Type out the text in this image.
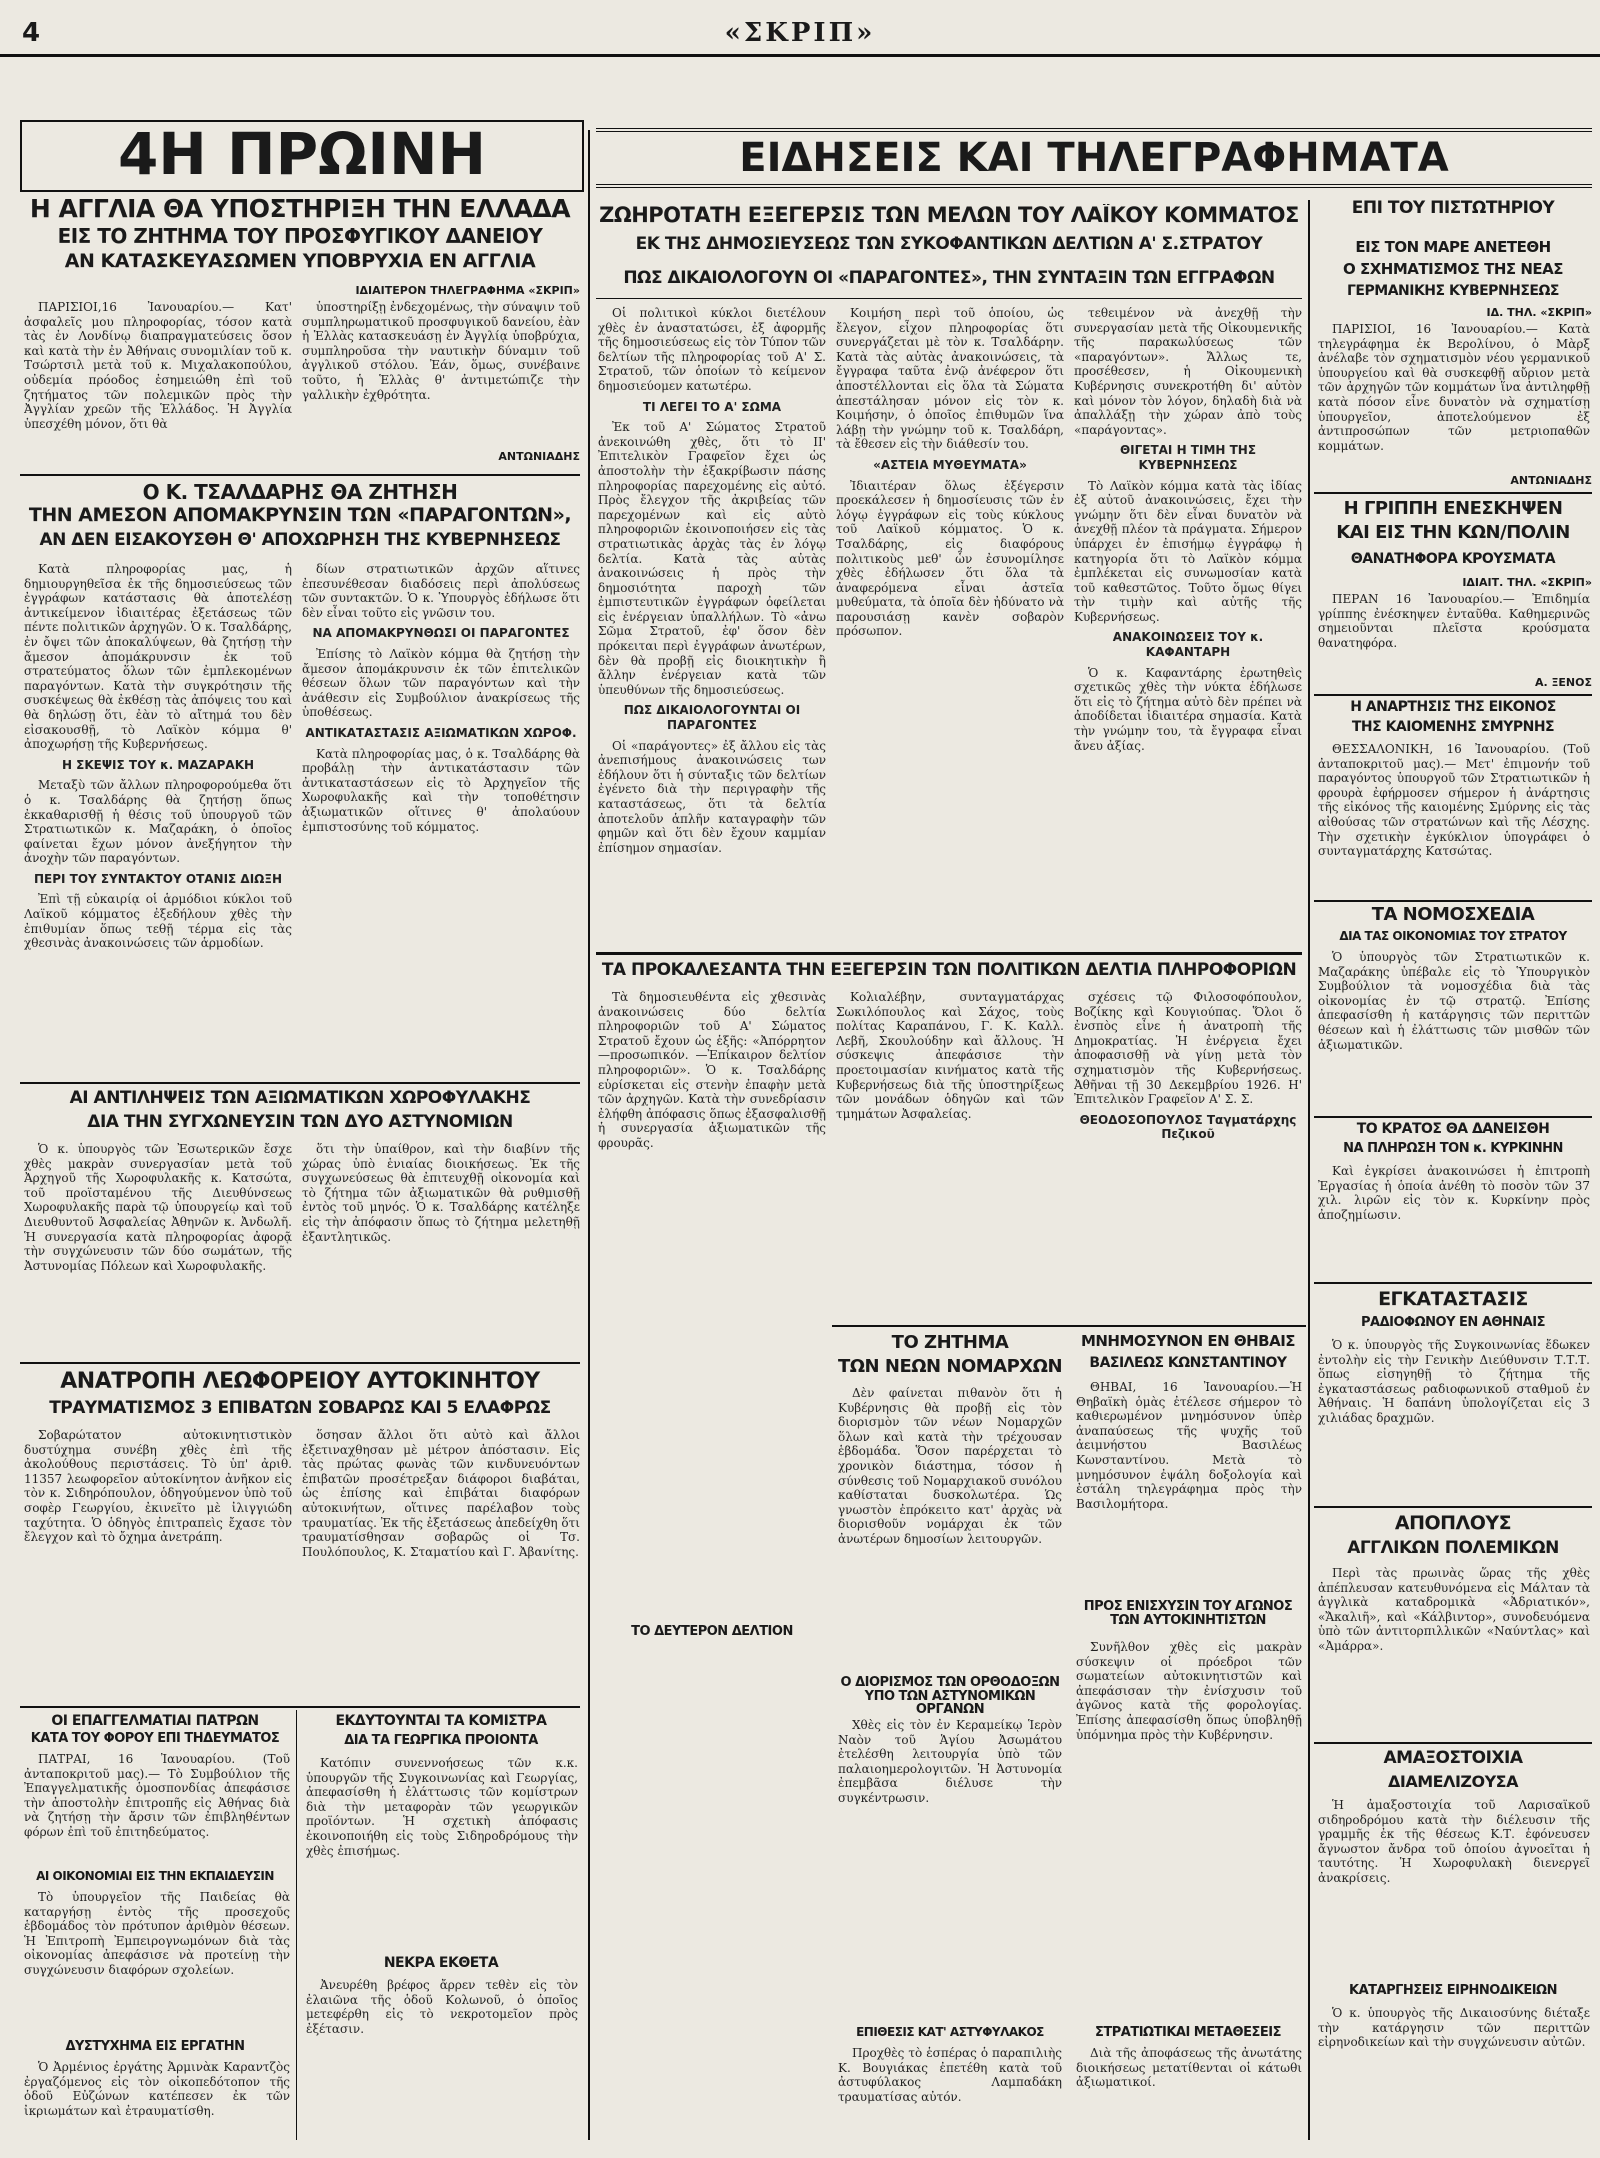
4	«ΣΚΡΙΠ»
4Η ΠΡΩΙΝΗ
Η ΑΓΓΛΙΑ ΘΑ ΥΠΟΣΤΗΡΙΞΗ ΤΗΝ ΕΛΛΑΔΑ
ΕΙΣ ΤΟ ΖΗΤΗΜΑ ΤΟΥ ΠΡΟΣΦΥΓΙΚΟΥ ΔΑΝΕΙΟΥ
ΑΝ ΚΑΤΑΣΚΕΥΑΣΩΜΕΝ ΥΠΟΒΡΥΧΙΑ ΕΝ ΑΓΓΛΙΑ
ΙΔΙΑΙΤΕΡΟΝ ΤΗΛΕΓΡΑΦΗΜΑ «ΣΚΡΙΠ»

ΠΑΡΙΣΙΟΙ,16 Ἰανουαρίου.— Κατ' ἀσφαλεῖς μου πληροφορίας, τόσον κατὰ τὰς ἐν Λονδίνῳ διαπραγματεύσεις ὅσον καὶ κατὰ τὴν ἐν Ἀθήναις συνομιλίαν τοῦ κ. Τσώρτσιλ μετὰ τοῦ κ. Μιχαλακοπούλου, οὐδεμία πρόοδος ἐσημειώθη ἐπὶ τοῦ ζητήματος τῶν πολεμικῶν πρὸς τὴν Ἀγγλίαν χρεῶν τῆς Ἑλλάδος. Ἡ Ἀγγλία ὑπεσχέθη μόνον, ὅτι θὰ

ὑποστηρίξῃ ἐνδεχομένως, τὴν σύναψιν τοῦ συμπληρωματικοῦ προσφυγικοῦ δανείου, ἐὰν ἡ Ἑλλὰς κατασκευάσῃ ἐν Ἀγγλίᾳ ὑποβρύχια, συμπληροῦσα τὴν ναυτικὴν δύναμιν τοῦ ἀγγλικοῦ στόλου. Ἐάν, ὅμως, συνέβαινε τοῦτο, ἡ Ἑλλὰς θ' ἀντιμετώπιζε τὴν γαλλικὴν ἐχθρότητα.

ΑΝΤΩΝΙΑΔΗΣ
Ο Κ. ΤΣΑΛΔΑΡΗΣ ΘΑ ΖΗΤΗΣΗ
ΤΗΝ ΑΜΕΣΟΝ ΑΠΟΜΑΚΡΥΝΣΙΝ ΤΩΝ «ΠΑΡΑΓΟΝΤΩΝ»,
ΑΝ ΔΕΝ ΕΙΣΑΚΟΥΣΘΗ Θ' ΑΠΟΧΩΡΗΣΗ ΤΗΣ ΚΥΒΕΡΝΗΣΕΩΣ

Κατὰ πληροφορίας μας, ἡ δημιουργηθεῖσα ἐκ τῆς δημοσιεύσεως τῶν ἐγγράφων κατάστασις θὰ ἀποτελέσῃ ἀντικείμενον ἰδιαιτέρας ἐξετάσεως τῶν πέντε πολιτικῶν ἀρχηγῶν. Ὁ κ. Τσαλδάρης, ἐν ὄψει τῶν ἀποκαλύψεων, θὰ ζητήσῃ τὴν ἄμεσον ἀπομάκρυνσιν ἐκ τοῦ στρατεύματος ὅλων τῶν ἐμπλεκομένων παραγόντων. Κατὰ τὴν συγκρότησιν τῆς συσκέψεως θὰ ἐκθέσῃ τὰς ἀπόψεις του καὶ θὰ δηλώσῃ ὅτι, ἐὰν τὸ αἴτημά του δὲν εἰσακουσθῇ, τὸ Λαϊκὸν κόμμα θ' ἀποχωρήσῃ τῆς Κυβερνήσεως.

Η ΣΚΕΨΙΣ ΤΟΥ κ. ΜΑΖΑΡΑΚΗ

Μεταξὺ τῶν ἄλλων πληροφορούμεθα ὅτι ὁ κ. Τσαλδάρης θὰ ζητήσῃ ὅπως ἐκκαθαρισθῇ ἡ θέσις τοῦ ὑπουργοῦ τῶν Στρατιωτικῶν κ. Μαζαράκη, ὁ ὁποῖος φαίνεται ἔχων μόνον ἀνεξήγητον τὴν ἀνοχὴν τῶν παραγόντων.

ΠΕΡΙ ΤΟΥ ΣΥΝΤΑΚΤΟΥ ΟΤΑΝΙΣ ΔΙΩΞΗ

Ἐπὶ τῇ εὐκαιρίᾳ οἱ ἁρμόδιοι κύκλοι τοῦ Λαϊκοῦ κόμματος ἐξεδήλουν χθὲς τὴν ἐπιθυμίαν ὅπως τεθῇ τέρμα εἰς τὰς χθεσινὰς ἀνακοινώσεις τῶν ἁρμοδίων.

δίων στρατιωτικῶν ἀρχῶν αἵτινες ἐπεσυνέθεσαν διαδόσεις περὶ ἀπολύσεως τῶν συντακτῶν. Ὁ κ. Ὑπουργὸς ἐδήλωσε ὅτι δὲν εἶναι τοῦτο εἰς γνῶσιν του.

ΝΑ ΑΠΟΜΑΚΡΥΝΘΩΣΙ ΟΙ ΠΑΡΑΓΟΝΤΕΣ

Ἐπίσης τὸ Λαϊκὸν κόμμα θὰ ζητήσῃ τὴν ἄμεσον ἀπομάκρυνσιν ἐκ τῶν ἐπιτελικῶν θέσεων ὅλων τῶν παραγόντων καὶ τὴν ἀνάθεσιν εἰς Συμβούλιον ἀνακρίσεως τῆς ὑποθέσεως.

ΑΝΤΙΚΑΤΑΣΤΑΣΙΣ ΑΞΙΩΜΑΤΙΚΩΝ ΧΩΡΟΦ.

Κατὰ πληροφορίας μας, ὁ κ. Τσαλδάρης θὰ προβάλῃ τὴν ἀντικατάστασιν τῶν ἀντικαταστάσεων εἰς τὸ Ἀρχηγεῖον τῆς Χωροφυλακῆς καὶ τὴν τοποθέτησιν ἀξιωματικῶν οἵτινες θ' ἀπολαύουν ἐμπιστοσύνης τοῦ κόμματος.

ΑΙ ΑΝΤΙΛΗΨΕΙΣ ΤΩΝ ΑΞΙΩΜΑΤΙΚΩΝ ΧΩΡΟΦΥΛΑΚΗΣ
ΔΙΑ ΤΗΝ ΣΥΓΧΩΝΕΥΣΙΝ ΤΩΝ ΔΥΟ ΑΣΤΥΝΟΜΙΩΝ

Ὁ κ. ὑπουργὸς τῶν Ἐσωτερικῶν ἔσχε χθὲς μακρὰν συνεργασίαν μετὰ τοῦ Ἀρχηγοῦ τῆς Χωροφυλακῆς κ. Κατσώτα, τοῦ προϊσταμένου τῆς Διευθύνσεως Χωροφυλακῆς παρὰ τῷ ὑπουργείῳ καὶ τοῦ Διευθυντοῦ Ἀσφαλείας Ἀθηνῶν κ. Ἀνδωλῆ. Ἡ συνεργασία κατὰ πληροφορίας ἀφορᾷ τὴν συγχώνευσιν τῶν δύο σωμάτων, τῆς Ἀστυνομίας Πόλεων καὶ Χωροφυλακῆς.

ὅτι τὴν ὑπαίθρον, καὶ τὴν διαβίνν τῆς χώρας ὑπὸ ἑνιαίας διοικήσεως. Ἐκ τῆς συγχωνεύσεως θὰ ἐπιτευχθῇ οἰκονομία καὶ τὸ ζήτημα τῶν ἀξιωματικῶν θὰ ρυθμισθῇ ἐντὸς τοῦ μηνός. Ὁ κ. Τσαλδάρης κατέληξε εἰς τὴν ἀπόφασιν ὅπως τὸ ζήτημα μελετηθῇ ἐξαντλητικῶς.

ΑΝΑΤΡΟΠΗ ΛΕΩΦΟΡΕΙΟΥ ΑΥΤΟΚΙΝΗΤΟΥ
ΤΡΑΥΜΑΤΙΣΜΟΣ 3 ΕΠΙΒΑΤΩΝ ΣΟΒΑΡΩΣ ΚΑΙ 5 ΕΛΑΦΡΩΣ

Σοβαρώτατον αὐτοκινητιστικὸν δυστύχημα συνέβη χθὲς ἐπὶ τῆς ἀκολούθους περιστάσεις. Τὸ ὑπ' ἀριθ. 11357 λεωφορεῖον αὐτοκίνητον ἀνῆκον εἰς τὸν κ. Σιδηρόπουλον, ὁδηγούμενον ὑπὸ τοῦ σοφὲρ Γεωργίου, ἐκινεῖτο μὲ ἰλιγγιώδη ταχύτητα. Ὁ ὁδηγὸς ἐπιτραπεὶς ἔχασε τὸν ἔλεγχον καὶ τὸ ὄχημα ἀνετράπη.

ὅσησαν ἄλλοι ὅτι αὐτὸ καὶ ἄλλοι ἐξετιναχθησαν μὲ μέτρον ἀπόστασιν. Εἰς τὰς πρώτας φωνὰς τῶν κινδυνευόντων ἐπιβατῶν προσέτρεξαν διάφοροι διαβάται, ὡς ἐπίσης καὶ ἐπιβάται διαφόρων αὐτοκινήτων, οἵτινες παρέλαβον τοὺς τραυματίας. Ἐκ τῆς ἐξετάσεως ἀπεδείχθη ὅτι τραυματίσθησαν σοβαρῶς οἱ Τσ. Πουλόπουλος, Κ. Σταματίου καὶ Γ. Ἀβανίτης.

ΟΙ ΕΠΑΓΓΕΛΜΑΤΙΑΙ ΠΑΤΡΩΝ
ΚΑΤΑ ΤΟΥ ΦΟΡΟΥ ΕΠΙ ΤΗΔΕΥΜΑΤΟΣ

ΠΑΤΡΑΙ, 16 Ἰανουαρίου. (Τοῦ ἀνταποκριτοῦ μας).— Τὸ Συμβούλιον τῆς Ἐπαγγελματικῆς ὁμοσπονδίας ἀπεφάσισε τὴν ἀποστολὴν ἐπιτροπῆς εἰς Ἀθήνας διὰ νὰ ζητήσῃ τὴν ἄρσιν τῶν ἐπιβληθέντων φόρων ἐπὶ τοῦ ἐπιτηδεύματος.

ΑΙ ΟΙΚΟΝΟΜΙΑΙ ΕΙΣ ΤΗΝ ΕΚΠΑΙΔΕΥΣΙΝ

Τὸ ὑπουργεῖον τῆς Παιδείας θὰ καταργήσῃ ἐντὸς τῆς προσεχοῦς ἑβδομάδος τὸν πρότυπον ἀριθμὸν θέσεων. Ἡ Ἐπιτροπὴ Ἐμπειρογνωμόνων διὰ τὰς οἰκονομίας ἀπεφάσισε νὰ προτείνῃ τὴν συγχώνευσιν διαφόρων σχολείων.

ΔΥΣΤΥΧΗΜΑ ΕΙΣ ΕΡΓΑΤΗΝ

Ὁ Ἀρμένιος ἐργάτης Ἀρμινὰκ Καραντζὸς ἐργαζόμενος εἰς τὸν οἰκοπεδότοπον τῆς ὁδοῦ Εὐζώνων κατέπεσεν ἐκ τῶν ἰκριωμάτων καὶ ἐτραυματίσθη.

ΕΚΔΥΤΟΥΝΤΑΙ ΤΑ ΚΟΜΙΣΤΡΑ
ΔΙΑ ΤΑ ΓΕΩΡΓΙΚΑ ΠΡΟΪΟΝΤΑ

Κατόπιν συνεννοήσεως τῶν κ.κ. ὑπουργῶν τῆς Συγκοινωνίας καὶ Γεωργίας, ἀπεφασίσθη ἡ ἐλάττωσις τῶν κομίστρων διὰ τὴν μεταφορὰν τῶν γεωργικῶν προϊόντων. Ἡ σχετικὴ ἀπόφασις ἐκοινοποιήθη εἰς τοὺς Σιδηροδρόμους τὴν χθὲς ἐπισήμως.

ΝΕΚΡΑ ΕΚΘΕΤΑ

Ἀνευρέθη βρέφος ἄρρεν τεθὲν εἰς τὸν ἐλαιῶνα τῆς ὁδοῦ Κολωνοῦ, ὁ ὁποῖος μετεφέρθη εἰς τὸ νεκροτομεῖον πρὸς ἐξέτασιν.

ΕΙΔΗΣΕΙΣ ΚΑΙ ΤΗΛΕΓΡΑΦΗΜΑΤΑ
ΖΩΗΡΟΤΑΤΗ ΕΞΕΓΕΡΣΙΣ ΤΩΝ ΜΕΛΩΝ ΤΟΥ ΛΑΪΚΟΥ ΚΟΜΜΑΤΟΣ
ΕΚ ΤΗΣ ΔΗΜΟΣΙΕΥΣΕΩΣ ΤΩΝ ΣΥΚΟΦΑΝΤΙΚΩΝ ΔΕΛΤΙΩΝ Α' Σ.ΣΤΡΑΤΟΥ
ΠΩΣ ΔΙΚΑΙΟΛΟΓΟΥΝ ΟΙ «ΠΑΡΑΓΟΝΤΕΣ», ΤΗΝ ΣΥΝΤΑΞΙΝ ΤΩΝ ΕΓΓΡΑΦΩΝ

Οἱ πολιτικοὶ κύκλοι διετέλουν χθὲς ἐν ἀναστατώσει, ἐξ ἀφορμῆς τῆς δημοσιεύσεως εἰς τὸν Τύπον τῶν δελτίων τῆς πληροφορίας τοῦ Α' Σ. Στρατοῦ, τῶν ὁποίων τὸ κείμενον δημοσιεύομεν κατωτέρω.

ΤΙ ΛΕΓΕΙ ΤΟ Α' ΣΩΜΑ

Ἐκ τοῦ Α' Σώματος Στρατοῦ ἀνεκοινώθη χθὲς, ὅτι τὸ ΙΙ' Ἐπιτελικὸν Γραφεῖον ἔχει ὡς ἀποστολὴν τὴν ἐξακρίβωσιν πάσης πληροφορίας παρεχομένης εἰς αὐτό. Πρὸς ἔλεγχον τῆς ἀκριβείας τῶν παρεχομένων καὶ εἰς αὐτὸ πληροφοριῶν ἐκοινοποιήσεν εἰς τὰς στρατιωτικὰς ἀρχὰς τὰς ἐν λόγῳ δελτία. Κατὰ τὰς αὐτὰς ἀνακοινώσεις ἡ πρὸς τὴν δημοσιότητα παροχὴ τῶν ἐμπιστευτικῶν ἐγγράφων ὀφείλεται εἰς ἐνέργειαν ὑπαλλήλων. Τὸ «ἀνω Σῶμα Στρατοῦ, ἐφ' ὅσον δὲν πρόκειται περὶ ἐγγράφων ἀνωτέρων, δὲν θὰ προβῇ εἰς διοικητικὴν ἢ ἄλλην ἐνέργειαν κατὰ τῶν ὑπευθύνων τῆς δημοσιεύσεως.

ΠΩΣ ΔΙΚΑΙΟΛΟΓΟΥΝΤΑΙ ΟΙ ΠΑΡΑΓΟΝΤΕΣ

Οἱ «παράγοντες» ἐξ ἄλλου εἰς τὰς ἀνεπισήμους ἀνακοινώσεις των ἐδήλουν ὅτι ἡ σύνταξις τῶν δελτίων ἐγένετο διὰ τὴν περιγραφὴν τῆς καταστάσεως, ὅτι τὰ δελτία ἀποτελοῦν ἁπλῆν καταγραφὴν τῶν φημῶν καὶ ὅτι δὲν ἔχουν καμμίαν ἐπίσημον σημασίαν.

Κοιμήση περὶ τοῦ ὁποίου, ὡς ἔλεγον, εἶχον πληροφορίας ὅτι συνεργάζεται μὲ τὸν κ. Τσαλδάρην. Κατὰ τὰς αὐτὰς ἀνακοινώσεις, τὰ ἔγγραφα ταῦτα ἐνῷ ἀνέφερον ὅτι ἀποστέλλονται εἰς ὅλα τὰ Σώματα ἀπεστάλησαν μόνον εἰς τὸν κ. Κοιμήσην, ὁ ὁποῖος ἐπιθυμῶν ἵνα λάβῃ τὴν γνώμην τοῦ κ. Τσαλδάρη, τὰ ἔθεσεν εἰς τὴν διάθεσίν του.

«ΑΣΤΕΙΑ ΜΥΘΕΥΜΑΤΑ»

Ἰδιαιτέραν ὅλως ἐξέγερσιν προεκάλεσεν ἡ δημοσίευσις τῶν ἐν λόγῳ ἐγγράφων εἰς τοὺς κύκλους τοῦ Λαϊκοῦ κόμματος. Ὁ κ. Τσαλδάρης, εἰς διαφόρους πολιτικοὺς μεθ' ὧν ἐσυνομίλησε χθὲς ἐδήλωσεν ὅτι ὅλα τὰ ἀναφερόμενα εἶναι ἀστεῖα μυθεύματα, τὰ ὁποῖα δὲν ἠδύνατο νὰ παρουσιάσῃ κανὲν σοβαρὸν πρόσωπον.

τεθειμένον νὰ ἀνεχθῇ τὴν συνεργασίαν μετὰ τῆς Οἰκουμενικῆς τῆς παρακωλύσεως τῶν «παραγόντων». Ἄλλως τε, προσέθεσεν, ἡ Οἰκουμενικὴ Κυβέρνησις συνεκροτήθη δι' αὐτὸν καὶ μόνον τὸν λόγον, δηλαδὴ διὰ νὰ ἀπαλλάξῃ τὴν χώραν ἀπὸ τοὺς «παράγοντας».

ΘΙΓΕΤΑΙ Η ΤΙΜΗ ΤΗΣ ΚΥΒΕΡΝΗΣΕΩΣ

Τὸ Λαϊκὸν κόμμα κατὰ τὰς ἰδίας ἐξ αὐτοῦ ἀνακοινώσεις, ἔχει τὴν γνώμην ὅτι δὲν εἶναι δυνατὸν νὰ ἀνεχθῇ πλέον τὰ πράγματα. Σήμερον ὑπάρχει ἐν ἐπισήμῳ ἐγγράφῳ ἡ κατηγορία ὅτι τὸ Λαϊκὸν κόμμα ἐμπλέκεται εἰς συνωμοσίαν κατὰ τοῦ καθεστῶτος. Τοῦτο ὅμως θίγει τὴν τιμὴν καὶ αὐτῆς τῆς Κυβερνήσεως.

ΑΝΑΚΟΙΝΩΣΕΙΣ ΤΟΥ κ. ΚΑΦΑΝΤΑΡΗ

Ὁ κ. Καφαντάρης ἐρωτηθεὶς σχετικῶς χθὲς τὴν νύκτα ἐδήλωσε ὅτι εἰς τὸ ζήτημα αὐτὸ δὲν πρέπει νὰ ἀποδίδεται ἰδιαιτέρα σημασία. Κατὰ τὴν γνώμην του, τὰ ἔγγραφα εἶναι ἄνευ ἀξίας.

ΤΑ ΠΡΟΚΑΛΕΣΑΝΤΑ ΤΗΝ ΕΞΕΓΕΡΣΙΝ ΤΩΝ ΠΟΛΙΤΙΚΩΝ ΔΕΛΤΙΑ ΠΛΗΡΟΦΟΡΙΩΝ

Τὰ δημοσιευθέντα εἰς χθεσινὰς ἀνακοινώσεις δύο δελτία πληροφοριῶν τοῦ Α' Σώματος Στρατοῦ ἔχουν ὡς ἑξῆς: «Ἀπόρρητον —προσωπικόν. —Ἐπίκαιρον δελτίον πληροφοριῶν». Ὁ κ. Τσαλδάρης εὑρίσκεται εἰς στενὴν ἐπαφὴν μετὰ τῶν ἀρχηγῶν. Κατὰ τὴν συνεδρίασιν ἐλήφθη ἀπόφασις ὅπως ἐξασφαλισθῇ ἡ συνεργασία ἀξιωματικῶν τῆς φρουρᾶς.

Κολιαλέβην, συνταγματάρχας Σωκιλόπουλος καὶ Σάχος, τοὺς πολίτας Καραπάνου, Γ. Κ. Καλλ. Λεβῆ, Σκουλούδην καὶ ἄλλους. Ἡ σύσκεψις ἀπεφάσισε τὴν προετοιμασίαν κινήματος κατὰ τῆς Κυβερνήσεως διὰ τῆς ὑποστηρίξεως τῶν μονάδων ὁδηγῶν καὶ τῶν τμημάτων Ἀσφαλείας.

σχέσεις τῷ Φιλοσοφόπουλον, Βοζίκης καὶ Κουγιούπας. Ὅλοι ὅ ἐνσπὸς εἶνε ἡ ἀνατροπὴ τῆς Δημοκρατίας. Ἡ ἐνέργεια ἔχει ἀποφασισθῇ νὰ γίνῃ μετὰ τὸν σχηματισμὸν τῆς Κυβερνήσεως. Ἀθῆναι τῇ 30 Δεκεμβρίου 1926. Η' Ἐπιτελικὸν Γραφεῖον Α' Σ. Σ.

ΘΕΟΔΟΣΟΠΟΥΛΟΣ Ταγματάρχης Πεζικοῦ
ΤΟ ΔΕΥΤΕΡΟΝ ΔΕΛΤΙΟΝ
ΤΟ ΖΗΤΗΜΑ
ΤΩΝ ΝΕΩΝ ΝΟΜΑΡΧΩΝ

Δὲν φαίνεται πιθανὸν ὅτι ἡ Κυβέρνησις θὰ προβῇ εἰς τὸν διορισμὸν τῶν νέων Νομαρχῶν ὅλων καὶ κατὰ τὴν τρέχουσαν ἑβδομάδα. Ὅσον παρέρχεται τὸ χρονικὸν διάστημα, τόσον ἡ σύνθεσις τοῦ Νομαρχιακοῦ συνόλου καθίσταται δυσκολωτέρα. Ὡς γνωστὸν ἐπρόκειτο κατ' ἀρχὰς νὰ διορισθοῦν νομάρχαι ἐκ τῶν ἀνωτέρων δημοσίων λειτουργῶν.

Ο ΔΙΟΡΙΣΜΟΣ ΤΩΝ ΟΡΘΟΔΟΞΩΝ ΥΠΟ ΤΩΝ ΑΣΤΥΝΟΜΙΚΩΝ ΟΡΓΑΝΩΝ

Χθὲς εἰς τὸν ἐν Κεραμείκῳ Ἱερὸν Ναὸν τοῦ Ἁγίου Ἀσωμάτου ἐτελέσθη λειτουργία ὑπὸ τῶν παλαιοημερολογιτῶν. Ἡ Ἀστυνομία ἐπεμβᾶσα διέλυσε τὴν συγκέντρωσιν.

ΕΠΙΘΕΣΙΣ ΚΑΤ' ΑΣΤΥΦΥΛΑΚΟΣ

Προχθὲς τὸ ἑσπέρας ὁ παραπιλιὴς Κ. Βουγιάκας ἐπετέθη κατὰ τοῦ ἀστυφύλακος Λαμπαδάκη τραυματίσας αὐτόν.

ΜΝΗΜΟΣΥΝΟΝ ΕΝ ΘΗΒΑΙΣ
ΒΑΣΙΛΕΩΣ ΚΩΝΣΤΑΝΤΙΝΟΥ

ΘΗΒΑΙ, 16 Ἰανουαρίου.—Ἡ Θηβαϊκὴ ὁμὰς ἐτέλεσε σήμερον τὸ καθιερωμένον μνημόσυνον ὑπὲρ ἀναπαύσεως τῆς ψυχῆς τοῦ ἀειμνήστου Βασιλέως Κωνσταντίνου. Μετὰ τὸ μνημόσυνον ἐψάλη δοξολογία καὶ ἐστάλη τηλεγράφημα πρὸς τὴν Βασιλομήτορα.

ΠΡΟΣ ΕΝΙΣΧΥΣΙΝ ΤΟΥ ΑΓΩΝΟΣ ΤΩΝ ΑΥΤΟΚΙΝΗΤΙΣΤΩΝ

Συνῆλθον χθὲς εἰς μακρὰν σύσκεψιν οἱ πρόεδροι τῶν σωματείων αὐτοκινητιστῶν καὶ ἀπεφάσισαν τὴν ἐνίσχυσιν τοῦ ἀγῶνος κατὰ τῆς φορολογίας. Ἐπίσης ἀπεφασίσθη ὅπως ὑποβληθῇ ὑπόμνημα πρὸς τὴν Κυβέρνησιν.

ΣΤΡΑΤΙΩΤΙΚΑΙ ΜΕΤΑΘΕΣΕΙΣ

Διὰ τῆς ἀποφάσεως τῆς ἀνωτάτης διοικήσεως μετατίθενται οἱ κάτωθι ἀξιωματικοί.

ΕΠΙ ΤΟΥ ΠΙΣΤΩΤΗΡΙΟΥ
ΕΙΣ ΤΟΝ ΜΑΡΕ ΑΝΕΤΕΘΗ
Ο ΣΧΗΜΑΤΙΣΜΟΣ ΤΗΣ ΝΕΑΣ
ΓΕΡΜΑΝΙΚΗΣ ΚΥΒΕΡΝΗΣΕΩΣ
ΙΔ. ΤΗΛ. «ΣΚΡΙΠ»

ΠΑΡΙΣΙΟΙ, 16 Ἰανουαρίου.— Κατὰ τηλεγράφημα ἐκ Βερολίνου, ὁ Μὰρξ ἀνέλαβε τὸν σχηματισμὸν νέου γερμανικοῦ ὑπουργείου καὶ θὰ συσκεφθῇ αὔριον μετὰ τῶν ἀρχηγῶν τῶν κομμάτων ἵνα ἀντιληφθῇ κατὰ πόσον εἶνε δυνατὸν νὰ σχηματίσῃ ὑπουργεῖον, ἀποτελούμενον ἐξ ἀντιπροσώπων τῶν μετριοπαθῶν κομμάτων.

ΑΝΤΩΝΙΑΔΗΣ
Η ΓΡΙΠΠΗ ΕΝΕΣΚΗΨΕΝ
ΚΑΙ ΕΙΣ ΤΗΝ ΚΩΝ/ΠΟΛΙΝ
ΘΑΝΑΤΗΦΟΡΑ ΚΡΟΥΣΜΑΤΑ
ΙΔΙΑΙΤ. ΤΗΛ. «ΣΚΡΙΠ»

ΠΕΡΑΝ 16 Ἰανουαρίου.— Ἐπιδημία γρίππης ἐνέσκηψεν ἐνταῦθα. Καθημερινῶς σημειοῦνται πλεῖστα κρούσματα θανατηφόρα.

Α. ΞΕΝΟΣ
Η ΑΝΑΡΤΗΣΙΣ ΤΗΣ ΕΙΚΟΝΟΣ
ΤΗΣ ΚΑΙΟΜΕΝΗΣ ΣΜΥΡΝΗΣ

ΘΕΣΣΑΛΟΝΙΚΗ, 16 Ἰανουαρίου. (Τοῦ ἀνταποκριτοῦ μας).— Μετ' ἐπιμονήν τοῦ παραγόντος ὑπουργοῦ τῶν Στρατιωτικῶν ἡ φρουρὰ ἐφήρμοσεν σήμερον ἡ ἀνάρτησις τῆς εἰκόνος τῆς καιομένης Σμύρνης εἰς τὰς αἰθούσας τῶν στρατώνων καὶ τῆς Λέσχης. Τὴν σχετικὴν ἐγκύκλιον ὑπογράφει ὁ συνταγματάρχης Κατσώτας.

ΤΑ ΝΟΜΟΣΧΕΔΙΑ
ΔΙΑ ΤΑΣ ΟΙΚΟΝΟΜΙΑΣ ΤΟΥ ΣΤΡΑΤΟΥ

Ὁ ὑπουργὸς τῶν Στρατιωτικῶν κ. Μαζαράκης ὑπέβαλε εἰς τὸ Ὑπουργικὸν Συμβούλιον τὰ νομοσχέδια διὰ τὰς οἰκονομίας ἐν τῷ στρατῷ. Ἐπίσης ἀπεφασίσθη ἡ κατάργησις τῶν περιττῶν θέσεων καὶ ἡ ἐλάττωσις τῶν μισθῶν τῶν ἀξιωματικῶν.

ΤΟ ΚΡΑΤΟΣ ΘΑ ΔΑΝΕΙΣΘΗ
ΝΑ ΠΛΗΡΩΣΗ ΤΟΝ κ. ΚΥΡΚΙΝΗΝ

Καὶ ἐγκρίσει ἀνακοινώσει ἡ ἐπιτροπὴ Ἐργασίας ἡ ὁποία ἀνέθη τὸ ποσὸν τῶν 37 χιλ. λιρῶν εἰς τὸν κ. Κυρκίνην πρὸς ἀποζημίωσιν.

ΕΓΚΑΤΑΣΤΑΣΙΣ
ΡΑΔΙΟΦΩΝΟΥ ΕΝ ΑΘΗΝΑΙΣ

Ὁ κ. ὑπουργὸς τῆς Συγκοινωνίας ἔδωκεν ἐντολὴν εἰς τὴν Γενικὴν Διεύθυνσιν Τ.Τ.Τ. ὅπως εἰσηγηθῇ τὸ ζήτημα τῆς ἐγκαταστάσεως ραδιοφωνικοῦ σταθμοῦ ἐν Ἀθήναις. Ἡ δαπάνη ὑπολογίζεται εἰς 3 χιλιάδας δραχμῶν.

ΑΠΟΠΛΟΥΣ
ΑΓΓΛΙΚΩΝ ΠΟΛΕΜΙΚΩΝ

Περὶ τὰς πρωινὰς ὥρας τῆς χθὲς ἀπέπλευσαν κατευθυνόμενα εἰς Μάλταν τὰ ἀγγλικὰ καταδρομικὰ «Ἀδριατικόν», «Ἄκαλιῆ», καὶ «Κάλβιντορ», συνοδευόμενα ὑπὸ τῶν ἀντιτορπιλλικῶν «Ναύντλας» καὶ «Ἀμάρρα».

ΑΜΑΞΟΣΤΟΙΧΙΑ
ΔΙΑΜΕΛΙΖΟΥΣΑ

Ἡ ἀμαξοστοιχία τοῦ Λαρισαϊκοῦ σιδηροδρόμου κατὰ τὴν διέλευσιν τῆς γραμμῆς ἐκ τῆς θέσεως Κ.Τ. ἐφόνευσεν ἄγνωστον ἄνδρα τοῦ ὁποίου ἀγνοεῖται ἡ ταυτότης. Ἡ Χωροφυλακὴ διενεργεῖ ἀνακρίσεις.

ΚΑΤΑΡΓΗΣΕΙΣ ΕΙΡΗΝΟΔΙΚΕΙΩΝ

Ὁ κ. ὑπουργὸς τῆς Δικαιοσύνης διέταξε τὴν κατάργησιν τῶν περιττῶν εἰρηνοδικείων καὶ τὴν συγχώνευσιν αὐτῶν.
